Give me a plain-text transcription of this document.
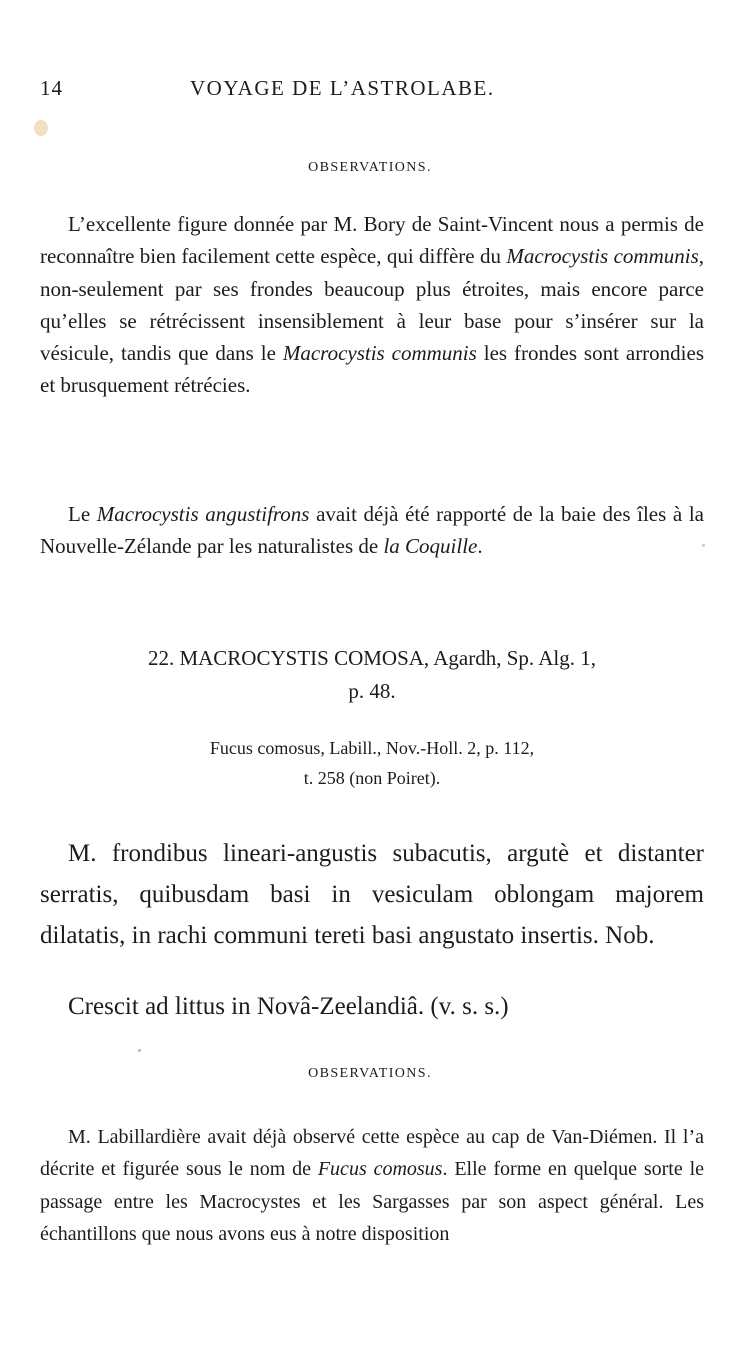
14	VOYAGE DE L’ASTROLABE.
OBSERVATIONS.

L’excellente figure donnée par M. Bory de Saint-Vincent nous a permis de reconnaître bien facilement cette espèce, qui diffère du Macrocystis communis, non-seulement par ses frondes beaucoup plus étroites, mais encore parce qu’elles se rétrécissent insensiblement à leur base pour s’insérer sur la vésicule, tandis que dans le Macrocystis communis les frondes sont arrondies et brusquement rétrécies.

Le Macrocystis angustifrons avait déjà été rapporté de la baie des îles à la Nouvelle-Zélande par les naturalistes de la Coquille.

22. MACROCYSTIS COMOSA, Agardh, Sp. Alg. 1,
p. 48.
Fucus comosus, Labill., Nov.-Holl. 2, p. 112,
t. 258 (non Poiret).

M. frondibus lineari-angustis subacutis, argutè et distanter serratis, quibusdam basi in vesiculam oblongam majorem dilatatis, in rachi communi tereti basi angustato insertis. Nob.

Crescit ad littus in Novâ-Zeelandiâ. (v. s. s.)

OBSERVATIONS.

M. Labillardière avait déjà observé cette espèce au cap de Van-Diémen. Il l’a décrite et figurée sous le nom de Fucus comosus. Elle forme en quelque sorte le passage entre les Macrocystes et les Sargasses par son aspect général. Les échantillons que nous avons eus à notre disposition
